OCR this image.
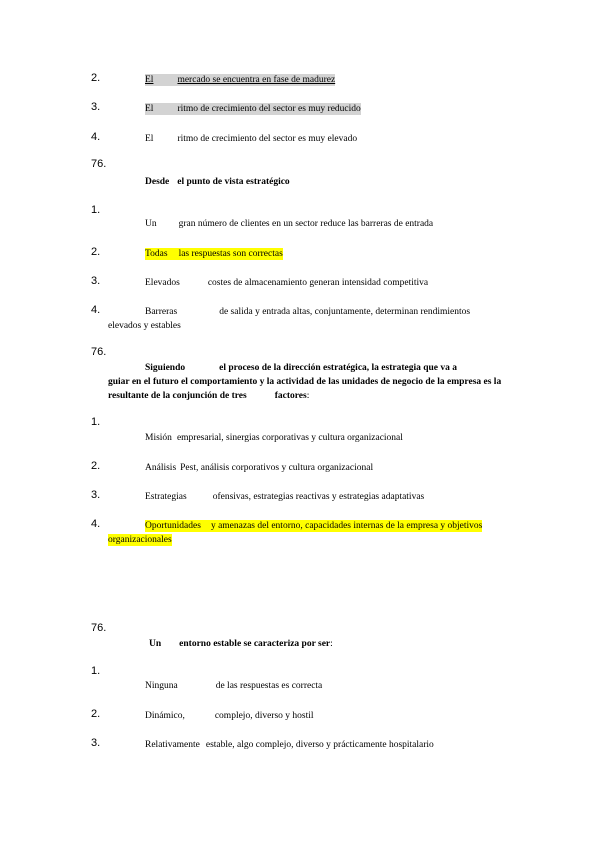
2.	El	mercado se encuentra en fase de madurez
3.	El	ritmo de crecimiento del sector es muy reducido
4.	El	ritmo de crecimiento del sector es muy elevado
76.
Desde el punto de vista estratégico
1.
Un gran número de clientes en un sector reduce las barreras de entrada
2.	Todas las respuestas son correctas
3.	Elevados	costes de almacenamiento generan intensidad competitiva
4.	Barreras	de salida y entrada altas, conjuntamente, determinan rendimientos
elevados y estables
76.
Siguiendo	el proceso de la dirección estratégica, la estrategia que va a
guiar en el futuro el comportamiento y la actividad de las unidades de negocio de la empresa es la
resultante de la conjunción de tres	factores:
1.
Misión empresarial, sinergias corporativas y cultura organizacional
2.	Análisis Pest, análisis corporativos y cultura organizacional
3.	Estrategias	ofensivas, estrategias reactivas y estrategias adaptativas
4.	Oportunidades y amenazas del entorno, capacidades internas de la empresa y objetivos
organizacionales
76.
Un entorno estable se caracteriza por ser:
1.
Ninguna	de las respuestas es correcta
2.	Dinámico,	complejo, diverso y hostil
3.	Relativamente estable, algo complejo, diverso y prácticamente hospitalario
